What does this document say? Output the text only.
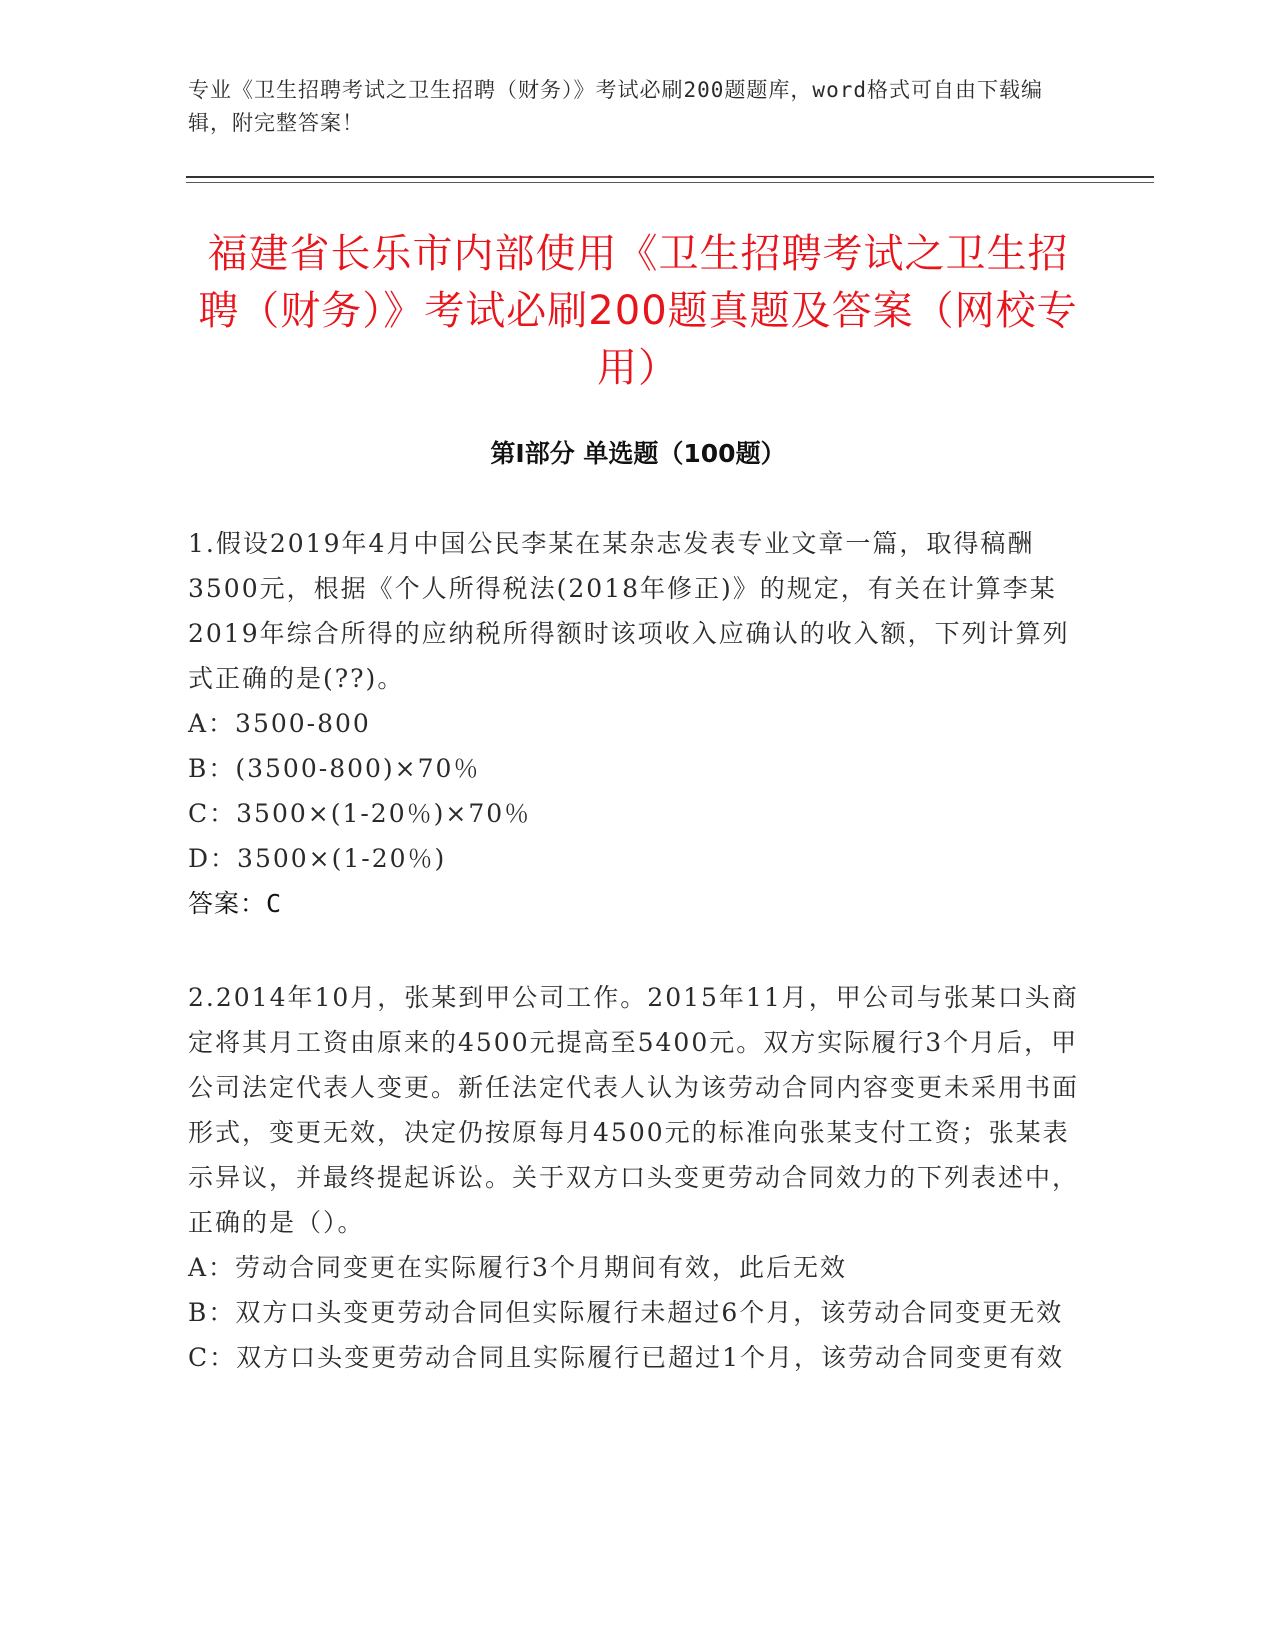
专业《卫生招聘考试之卫生招聘（财务）》考试必刷200题题库，word格式可自由下载编辑，附完整答案！
福建省长乐市内部使用《卫生招聘考试之卫生招聘（财务）》考试必刷200题真题及答案（网校专用）
第Ⅰ部分 单选题（100题）

1.假设2019年4月中国公民李某在某杂志发表专业文章一篇，取得稿酬3500元，根据《个人所得税法(2018年修正)》的规定，有关在计算李某2019年综合所得的应纳税所得额时该项收入应确认的收入额，下列计算列式正确的是(??)。

A：3500-800

B：(3500-800)×70％

C：3500×(1-20％)×70％

D：3500×(1-20％)

答案：C

2.2014年10月，张某到甲公司工作。2015年11月，甲公司与张某口头商定将其月工资由原来的4500元提高至5400元。双方实际履行3个月后，甲公司法定代表人变更。新任法定代表人认为该劳动合同内容变更未采用书面形式，变更无效，决定仍按原每月4500元的标准向张某支付工资；张某表示异议，并最终提起诉讼。关于双方口头变更劳动合同效力的下列表述中，正确的是（）。

A：劳动合同变更在实际履行3个月期间有效，此后无效

B：双方口头变更劳动合同但实际履行未超过6个月，该劳动合同变更无效

C：双方口头变更劳动合同且实际履行已超过1个月，该劳动合同变更有效
